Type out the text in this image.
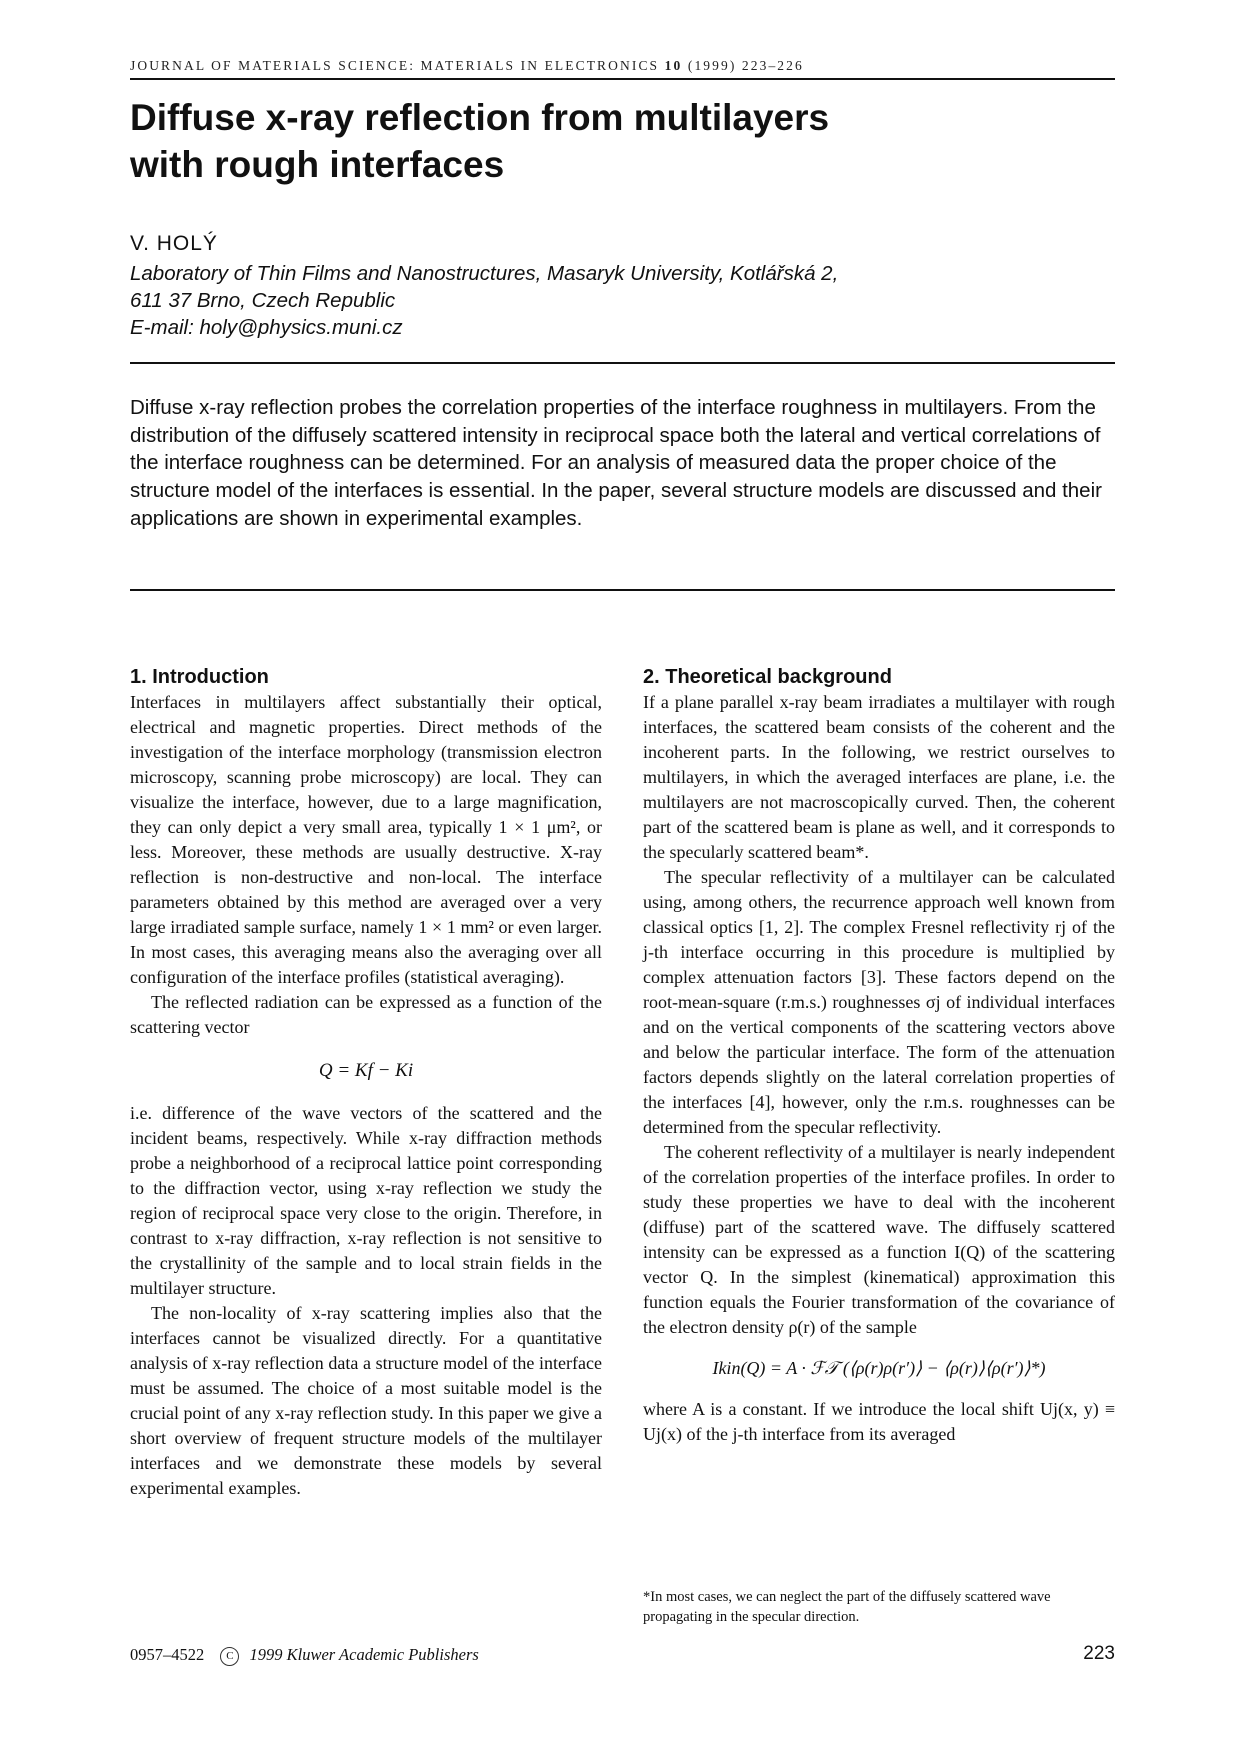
JOURNAL OF MATERIALS SCIENCE: MATERIALS IN ELECTRONICS 10 (1999) 223–226
Diffuse x-ray reflection from multilayers
with rough interfaces
V. HOLÝ
Laboratory of Thin Films and Nanostructures, Masaryk University, Kotlářská 2,
611 37 Brno, Czech Republic
E-mail: holy@physics.muni.cz
Diffuse x-ray reflection probes the correlation properties of the interface roughness in multilayers. From the distribution of the diffusely scattered intensity in reciprocal space both the lateral and vertical correlations of the interface roughness can be determined. For an analysis of measured data the proper choice of the structure model of the interfaces is essential. In the paper, several structure models are discussed and their applications are shown in experimental examples.
1. Introduction

Interfaces in multilayers affect substantially their optical, electrical and magnetic properties. Direct methods of the investigation of the interface morphology (transmission electron microscopy, scanning probe microscopy) are local. They can visualize the interface, however, due to a large magnification, they can only depict a very small area, typically 1 × 1 μm², or less. Moreover, these methods are usually destructive. X-ray reflection is non-destructive and non-local. The interface parameters obtained by this method are averaged over a very large irradiated sample surface, namely 1 × 1 mm² or even larger. In most cases, this averaging means also the averaging over all configuration of the interface profiles (statistical averaging).

The reflected radiation can be expressed as a function of the scattering vector

Q = Kf − Ki

i.e. difference of the wave vectors of the scattered and the incident beams, respectively. While x-ray diffraction methods probe a neighborhood of a reciprocal lattice point corresponding to the diffraction vector, using x-ray reflection we study the region of reciprocal space very close to the origin. Therefore, in contrast to x-ray diffraction, x-ray reflection is not sensitive to the crystallinity of the sample and to local strain fields in the multilayer structure.

The non-locality of x-ray scattering implies also that the interfaces cannot be visualized directly. For a quantitative analysis of x-ray reflection data a structure model of the interface must be assumed. The choice of a most suitable model is the crucial point of any x-ray reflection study. In this paper we give a short overview of frequent structure models of the multilayer interfaces and we demonstrate these models by several experimental examples.

2. Theoretical background

If a plane parallel x-ray beam irradiates a multilayer with rough interfaces, the scattered beam consists of the coherent and the incoherent parts. In the following, we restrict ourselves to multilayers, in which the averaged interfaces are plane, i.e. the multilayers are not macroscopically curved. Then, the coherent part of the scattered beam is plane as well, and it corresponds to the specularly scattered beam*.

The specular reflectivity of a multilayer can be calculated using, among others, the recurrence approach well known from classical optics [1, 2]. The complex Fresnel reflectivity rj of the j-th interface occurring in this procedure is multiplied by complex attenuation factors [3]. These factors depend on the root-mean-square (r.m.s.) roughnesses σj of individual interfaces and on the vertical components of the scattering vectors above and below the particular interface. The form of the attenuation factors depends slightly on the lateral correlation properties of the interfaces [4], however, only the r.m.s. roughnesses can be determined from the specular reflectivity.

The coherent reflectivity of a multilayer is nearly independent of the correlation properties of the interface profiles. In order to study these properties we have to deal with the incoherent (diffuse) part of the scattered wave. The diffusely scattered intensity can be expressed as a function I(Q) of the scattering vector Q. In the simplest (kinematical) approximation this function equals the Fourier transformation of the covariance of the electron density ρ(r) of the sample

Ikin(Q) = A · ℱ𝒯 (⟨ρ(r)ρ(r′)⟩ − ⟨ρ(r)⟩⟨ρ(r′)⟩*)

where A is a constant. If we introduce the local shift Uj(x, y) ≡ Uj(x) of the j-th interface from its averaged

*In most cases, we can neglect the part of the diffusely scattered wave propagating in the specular direction.
0957–4522 C 1999 Kluwer Academic Publishers	223
